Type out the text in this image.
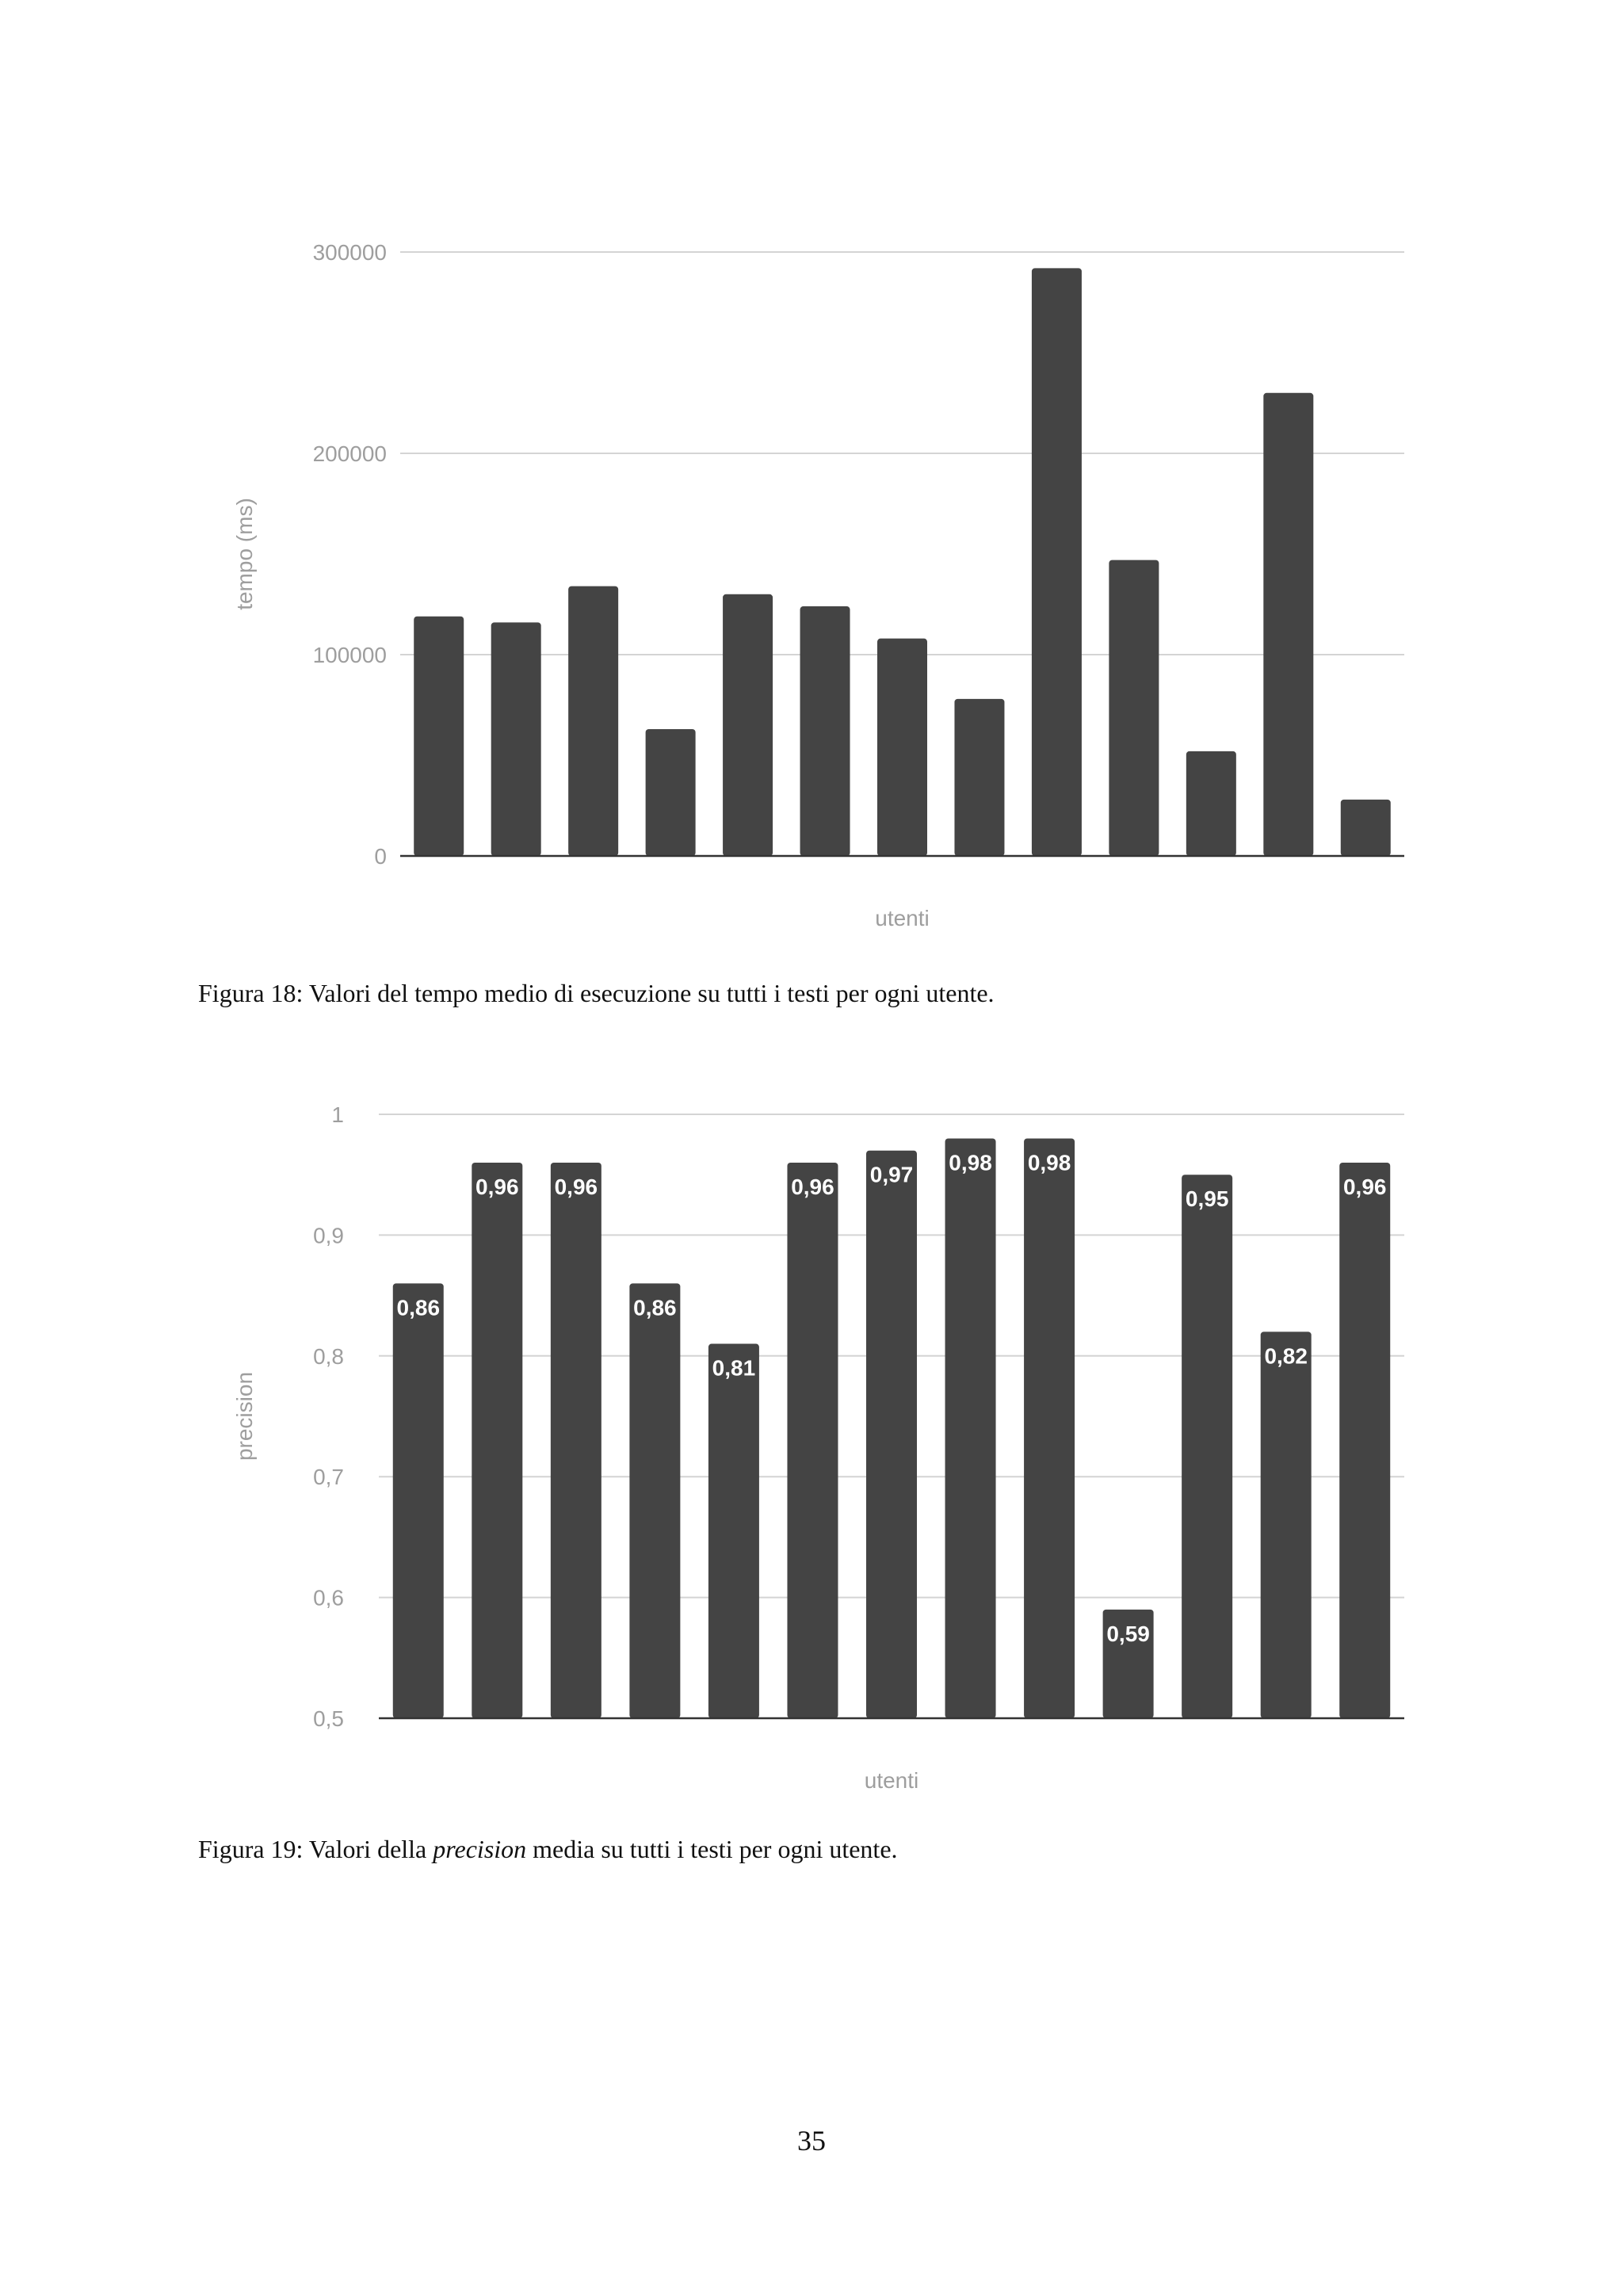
0
100000
200000
300000
tempo (ms)
utenti
Figura 18: Valori del tempo medio di esecuzione su tutti i testi per ogni utente.
0,5
0,6
0,7
0,8
0,9
1
0,86
0,96 0,96
0,86
0,81
0,96 0,97 0,98 0,98
0,59
0,95
0,82
0,96
precision
utenti
Figura 19: Valori della precision media su tutti i testi per ogni utente.
35
